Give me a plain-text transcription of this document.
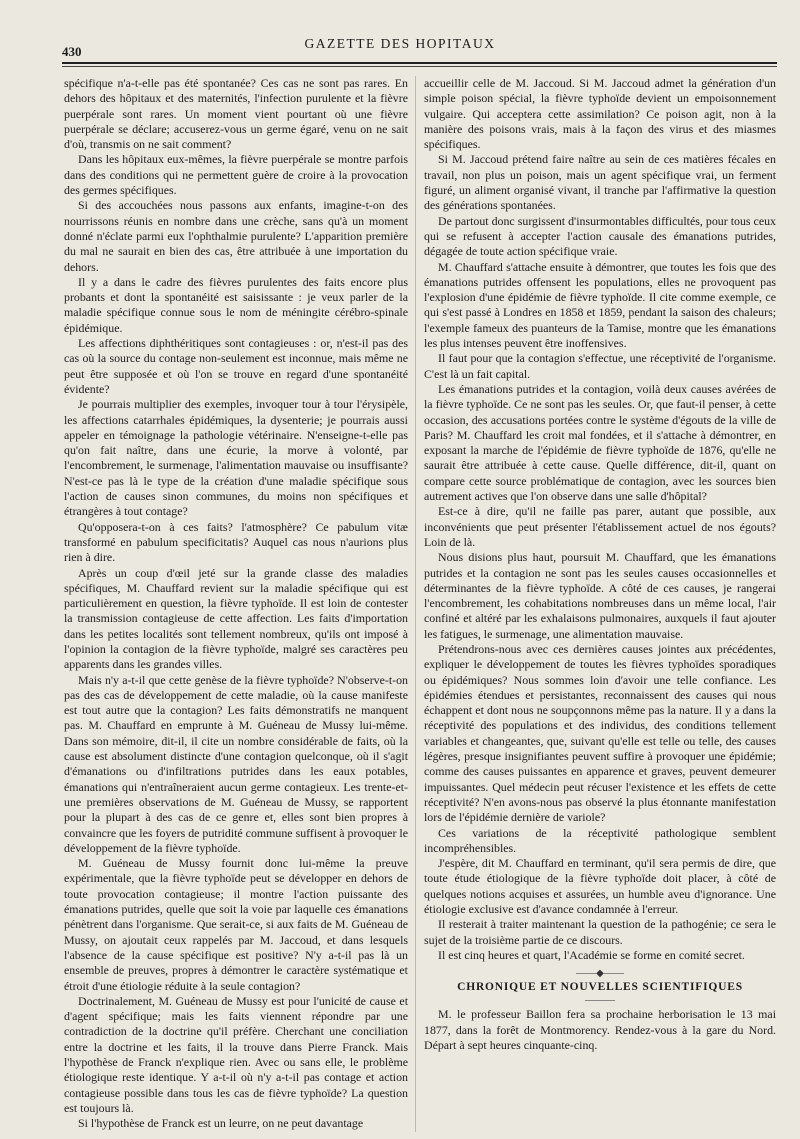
430
GAZETTE DES HOPITAUX

spécifique n'a-t-elle pas été spontanée? Ces cas ne sont pas rares. En dehors des hôpitaux et des maternités, l'infection purulente et la fièvre puerpérale sont rares. Un moment vient pourtant où une fièvre puerpérale se déclare; accuserez-vous un germe égaré, venu on ne sait d'où, transmis on ne sait comment?

Dans les hôpitaux eux-mêmes, la fièvre puerpérale se montre parfois dans des conditions qui ne permettent guère de croire à la provocation des germes spécifiques.

Si des accouchées nous passons aux enfants, imagine-t-on des nourrissons réunis en nombre dans une crèche, sans qu'à un moment donné n'éclate parmi eux l'ophthalmie purulente? L'apparition première du mal ne saurait en bien des cas, être attribuée à une importation du dehors.

Il y a dans le cadre des fièvres purulentes des faits encore plus probants et dont la spontanéité est saisissante : je veux parler de la maladie spécifique connue sous le nom de méningite cérébro-spinale épidémique.

Les affections diphthéritiques sont contagieuses : or, n'est-il pas des cas où la source du contage non-seulement est inconnue, mais même ne peut être supposée et où l'on se trouve en regard d'une spontanéité évidente?

Je pourrais multiplier des exemples, invoquer tour à tour l'érysipèle, les affections catarrhales épidémiques, la dysenterie; je pourrais aussi appeler en témoignage la pathologie vétérinaire. N'enseigne-t-elle pas qu'on fait naître, dans une écurie, la morve à volonté, par l'encombrement, le surmenage, l'alimentation mauvaise ou insuffisante? N'est-ce pas là le type de la création d'une maladie spécifique sous l'action de causes sinon communes, du moins non spécifiques et étrangères à tout contage?

Qu'opposera-t-on à ces faits? l'atmosphère? Ce pabulum vitæ transformé en pabulum specificitatis? Auquel cas nous n'aurions plus rien à dire.

Après un coup d'œil jeté sur la grande classe des maladies spécifiques, M. Chauffard revient sur la maladie spécifique qui est particulièrement en question, la fièvre typhoïde. Il est loin de contester la transmission contagieuse de cette affection. Les faits d'importation dans les petites localités sont tellement nombreux, qu'ils ont imposé à l'opinion la contagion de la fièvre typhoïde, malgré ses caractères peu apparents dans les grandes villes.

Mais n'y a-t-il que cette genèse de la fièvre typhoïde? N'observe-t-on pas des cas de développement de cette maladie, où la cause manifeste est tout autre que la contagion? Les faits démonstratifs ne manquent pas. M. Chauffard en emprunte à M. Guéneau de Mussy lui-même. Dans son mémoire, dit-il, il cite un nombre considérable de faits, où la cause est absolument distincte d'une contagion quelconque, où il s'agit d'émanations ou d'infiltrations putrides dans les eaux potables, émanations qui n'entraîneraient aucun germe contagieux. Les trente-et-une premières observations de M. Guéneau de Mussy, se rapportent pour la plupart à des cas de ce genre et, elles sont bien propres à convaincre que les foyers de putridité commune suffisent à provoquer le développement de la fièvre typhoïde.

M. Guéneau de Mussy fournit donc lui-même la preuve expérimentale, que la fièvre typhoïde peut se développer en dehors de toute provocation contagieuse; il montre l'action puissante des émanations putrides, quelle que soit la voie par laquelle ces émanations pénètrent dans l'organisme. Que serait-ce, si aux faits de M. Guéneau de Mussy, on ajoutait ceux rappelés par M. Jaccoud, et dans lesquels l'absence de la cause spécifique est positive? N'y a-t-il pas là un ensemble de preuves, propres à démontrer le caractère systématique et étroit d'une étiologie réduite à la seule contagion?

Doctrinalement, M. Guéneau de Mussy est pour l'unicité de cause et d'agent spécifique; mais les faits viennent répondre par une contradiction de la doctrine qu'il préfère. Cherchant une conciliation entre la doctrine et les faits, il la trouve dans Pierre Franck. Mais l'hypothèse de Franck n'explique rien. Avec ou sans elle, le problème étiologique reste identique. Y a-t-il où n'y a-t-il pas contage et action contagieuse possible dans tous les cas de fièvre typhoïde? La question est toujours là.

Si l'hypothèse de Franck est un leurre, on ne peut davantage

accueillir celle de M. Jaccoud. Si M. Jaccoud admet la génération d'un simple poison spécial, la fièvre typhoïde devient un empoisonnement vulgaire. Qui acceptera cette assimilation? Ce poison agit, non à la manière des poisons vrais, mais à la façon des virus et des miasmes spécifiques.

Si M. Jaccoud prétend faire naître au sein de ces matières fécales en travail, non plus un poison, mais un agent spécifique vrai, un ferment figuré, un aliment organisé vivant, il tranche par l'affirmative la question des générations spontanées.

De partout donc surgissent d'insurmontables difficultés, pour tous ceux qui se refusent à accepter l'action causale des émanations putrides, dégagée de toute action spécifique vraie.

M. Chauffard s'attache ensuite à démontrer, que toutes les fois que des émanations putrides offensent les populations, elles ne provoquent pas l'explosion d'une épidémie de fièvre typhoïde. Il cite comme exemple, ce qui s'est passé à Londres en 1858 et 1859, pendant la saison des chaleurs; l'exemple fameux des puanteurs de la Tamise, montre que les émanations les plus intenses peuvent être inoffensives.

Il faut pour que la contagion s'effectue, une réceptivité de l'organisme. C'est là un fait capital.

Les émanations putrides et la contagion, voilà deux causes avérées de la fièvre typhoïde. Ce ne sont pas les seules. Or, que faut-il penser, à cette occasion, des accusations portées contre le système d'égouts de la ville de Paris? M. Chauffard les croit mal fondées, et il s'attache à démontrer, en exposant la marche de l'épidémie de fièvre typhoïde de 1876, qu'elle ne saurait être attribuée à cette cause. Quelle différence, dit-il, quant on compare cette source problématique de contagion, avec les sources bien autrement actives que l'on observe dans une salle d'hôpital?

Est-ce à dire, qu'il ne faille pas parer, autant que possible, aux inconvénients que peut présenter l'établissement actuel de nos égouts? Loin de là.

Nous disions plus haut, poursuit M. Chauffard, que les émanations putrides et la contagion ne sont pas les seules causes occasionnelles et déterminantes de la fièvre typhoïde. A côté de ces causes, je rangerai l'encombrement, les cohabitations nombreuses dans un même local, l'air confiné et altéré par les exhalaisons pulmonaires, auxquels il faut ajouter les fatigues, le surmenage, une alimentation mauvaise.

Prétendrons-nous avec ces dernières causes jointes aux précédentes, expliquer le développement de toutes les fièvres typhoïdes sporadiques ou épidémiques? Nous sommes loin d'avoir une telle confiance. Les épidémies étendues et persistantes, reconnaissent des causes qui nous échappent et dont nous ne soupçonnons même pas la nature. Il y a dans la réceptivité des populations et des individus, des conditions tellement variables et changeantes, que, suivant qu'elle est telle ou telle, des causes légères, presque insignifiantes peuvent suffire à provoquer une épidémie; comme des causes puissantes en apparence et graves, peuvent demeurer impuissantes. Quel médecin peut récuser l'existence et les effets de cette réceptivité? N'en avons-nous pas observé la plus étonnante manifestation lors de l'épidémie dernière de variole?

Ces variations de la réceptivité pathologique semblent incompréhensibles.

J'espère, dit M. Chauffard en terminant, qu'il sera permis de dire, que toute étude étiologique de la fièvre typhoïde doit placer, à côté de quelques notions acquises et assurées, un humble aveu d'ignorance. Une étiologie exclusive est d'avance condamnée à l'erreur.

Il resterait à traiter maintenant la question de la pathogénie; ce sera le sujet de la troisième partie de ce discours.

Il est cinq heures et quart, l'Académie se forme en comité secret.

——◆——

CHRONIQUE ET NOUVELLES SCIENTIFIQUES

———

M. le professeur Baillon fera sa prochaine herborisation le 13 mai 1877, dans la forêt de Montmorency. Rendez-vous à la gare du Nord. Départ à sept heures cinquante-cinq.
